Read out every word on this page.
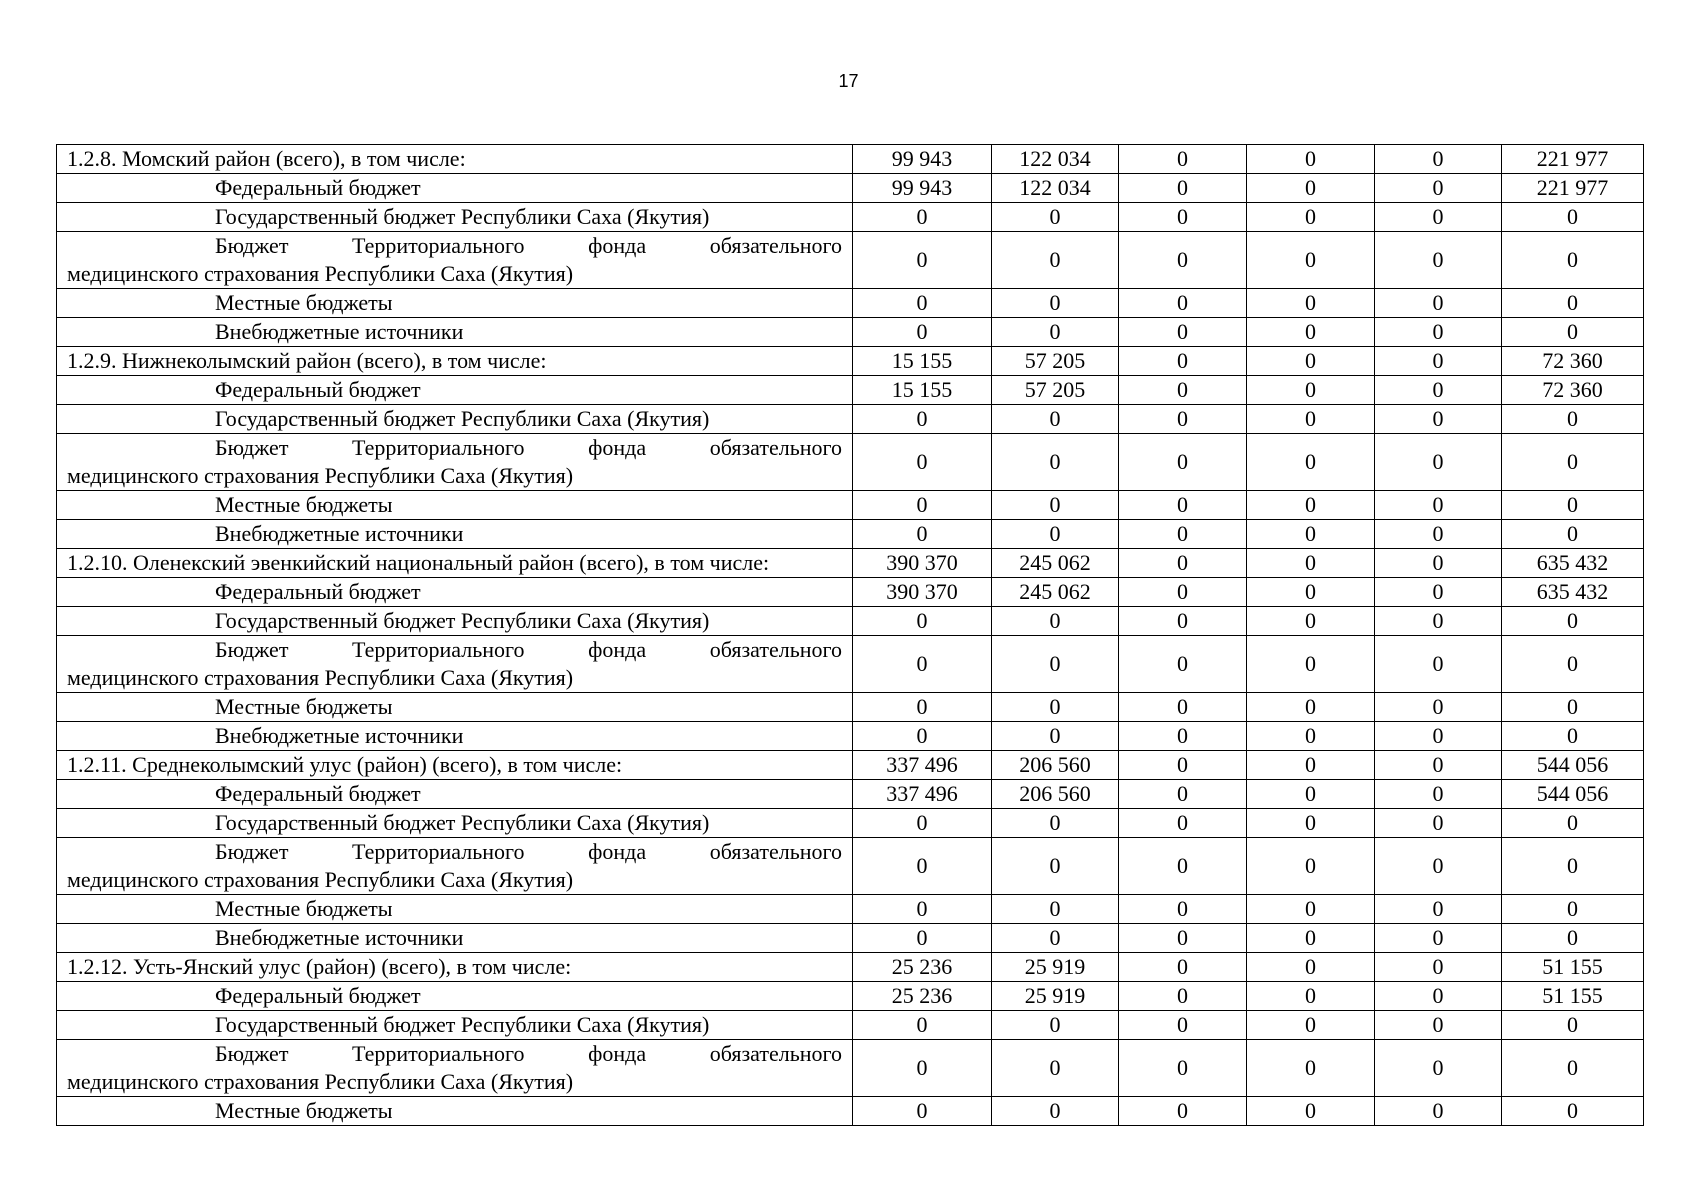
17
1.2.8. Момский район (всего), в том числе:	99 943	122 034	0	0	0	221 977
Федеральный бюджет	99 943	122 034	0	0	0	221 977
Государственный бюджет Республики Саха (Якутия)	0	0	0	0	0	0

Бюджет Территориального фонда обязательного
медицинского страхования Республики Саха (Якутия)	0	0	0	0	0	0
Местные бюджеты	0	0	0	0	0	0
Внебюджетные источники	0	0	0	0	0	0
1.2.9. Нижнеколымский район (всего), в том числе:	15 155	57 205	0	0	0	72 360
Федеральный бюджет	15 155	57 205	0	0	0	72 360
Государственный бюджет Республики Саха (Якутия)	0	0	0	0	0	0

Бюджет Территориального фонда обязательного
медицинского страхования Республики Саха (Якутия)	0	0	0	0	0	0
Местные бюджеты	0	0	0	0	0	0
Внебюджетные источники	0	0	0	0	0	0
1.2.10. Оленекский эвенкийский национальный район (всего), в том числе:	390 370	245 062	0	0	0	635 432
Федеральный бюджет	390 370	245 062	0	0	0	635 432
Государственный бюджет Республики Саха (Якутия)	0	0	0	0	0	0

Бюджет Территориального фонда обязательного
медицинского страхования Республики Саха (Якутия)	0	0	0	0	0	0
Местные бюджеты	0	0	0	0	0	0
Внебюджетные источники	0	0	0	0	0	0
1.2.11. Среднеколымский улус (район) (всего), в том числе:	337 496	206 560	0	0	0	544 056
Федеральный бюджет	337 496	206 560	0	0	0	544 056
Государственный бюджет Республики Саха (Якутия)	0	0	0	0	0	0

Бюджет Территориального фонда обязательного
медицинского страхования Республики Саха (Якутия)	0	0	0	0	0	0
Местные бюджеты	0	0	0	0	0	0
Внебюджетные источники	0	0	0	0	0	0
1.2.12. Усть-Янский улус (район) (всего), в том числе:	25 236	25 919	0	0	0	51 155
Федеральный бюджет	25 236	25 919	0	0	0	51 155
Государственный бюджет Республики Саха (Якутия)	0	0	0	0	0	0

Бюджет Территориального фонда обязательного
медицинского страхования Республики Саха (Якутия)	0	0	0	0	0	0
Местные бюджеты	0	0	0	0	0	0
